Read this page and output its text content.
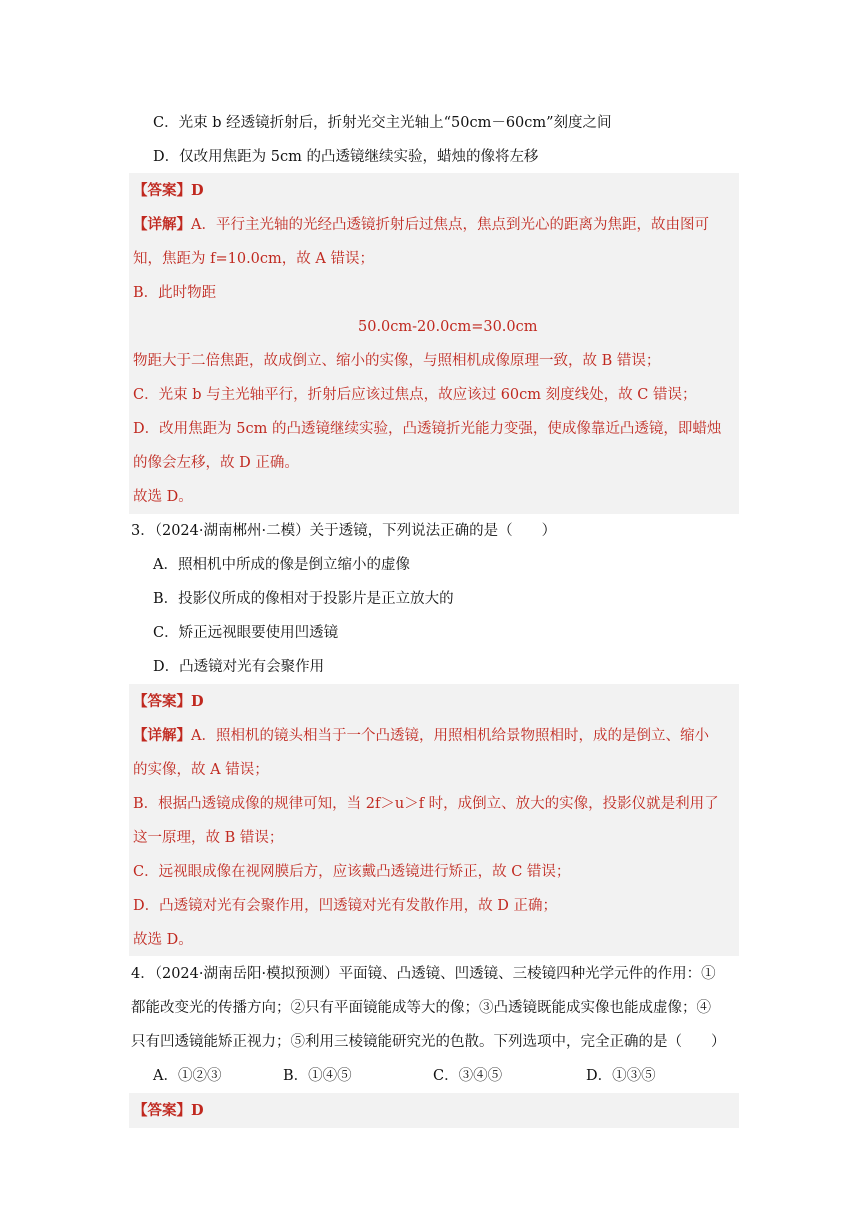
C．光束 b 经透镜折射后，折射光交主光轴上“50cm－60cm”刻度之间
D．仅改用焦距为 5cm 的凸透镜继续实验，蜡烛的像将左移
【答案】D
【详解】A．平行主光轴的光经凸透镜折射后过焦点，焦点到光心的距离为焦距，故由图可
知，焦距为 f=10.0cm，故 A 错误；
B．此时物距
50.0cm-20.0cm=30.0cm
物距大于二倍焦距，故成倒立、缩小的实像，与照相机成像原理一致，故 B 错误；
C．光束 b 与主光轴平行，折射后应该过焦点，故应该过 60cm 刻度线处，故 C 错误；
D．改用焦距为 5cm 的凸透镜继续实验，凸透镜折光能力变强，使成像靠近凸透镜，即蜡烛
的像会左移，故 D 正确。
故选 D。
3．（2024·湖南郴州·二模）关于透镜，下列说法正确的是（　　）
A．照相机中所成的像是倒立缩小的虚像
B．投影仪所成的像相对于投影片是正立放大的
C．矫正远视眼要使用凹透镜
D．凸透镜对光有会聚作用
【答案】D
【详解】A．照相机的镜头相当于一个凸透镜，用照相机给景物照相时，成的是倒立、缩小
的实像，故 A 错误；
B．根据凸透镜成像的规律可知，当 2f＞u＞f 时，成倒立、放大的实像，投影仪就是利用了
这一原理，故 B 错误；
C．远视眼成像在视网膜后方，应该戴凸透镜进行矫正，故 C 错误；
D．凸透镜对光有会聚作用，凹透镜对光有发散作用，故 D 正确；
故选 D。
4．（2024·湖南岳阳·模拟预测）平面镜、凸透镜、凹透镜、三棱镜四种光学元件的作用：①
都能改变光的传播方向；②只有平面镜能成等大的像；③凸透镜既能成实像也能成虚像；④
只有凹透镜能矫正视力；⑤利用三棱镜能研究光的色散。下列选项中，完全正确的是（　　）
A．①②③	B．①④⑤	C．③④⑤	D．①③⑤
【答案】D
